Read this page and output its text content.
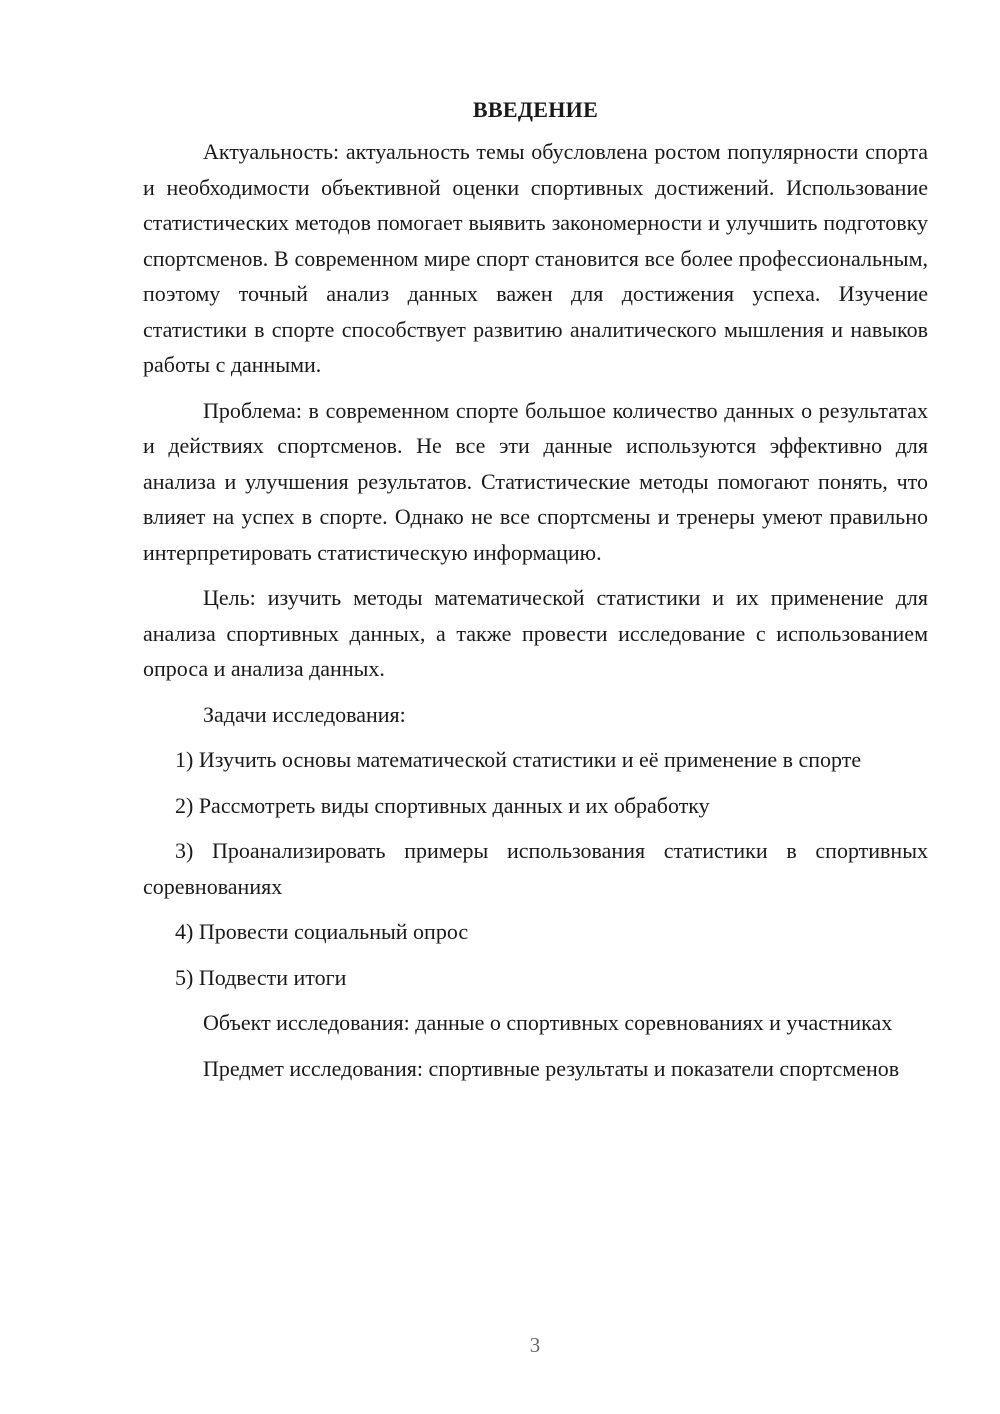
ВВЕДЕНИЕ

Актуальность: актуальность темы обусловлена ростом популярности спорта и необходимости объективной оценки спортивных достижений. Использование статистических методов помогает выявить закономерности и улучшить подготовку спортсменов. В современном мире спорт становится все более профессиональным, поэтому точный анализ данных важен для достижения успеха. Изучение статистики в спорте способствует развитию аналитического мышления и навыков работы с данными.

Проблема: в современном спорте большое количество данных о результатах и действиях спортсменов. Не все эти данные используются эффективно для анализа и улучшения результатов. Статистические методы помогают понять, что влияет на успех в спорте. Однако не все спортсмены и тренеры умеют правильно интерпретировать статистическую информацию.

Цель: изучить методы математической статистики и их применение для анализа спортивных данных, а также провести исследование с использованием опроса и анализа данных.

Задачи исследования:

1) Изучить основы математической статистики и её применение в спорте

2) Рассмотреть виды спортивных данных и их обработку

3) Проанализировать примеры использования статистики в спортивных соревнованиях

4) Провести социальный опрос

5) Подвести итоги

Объект исследования: данные о спортивных соревнованиях и участниках

Предмет исследования: спортивные результаты и показатели спортсменов

3
